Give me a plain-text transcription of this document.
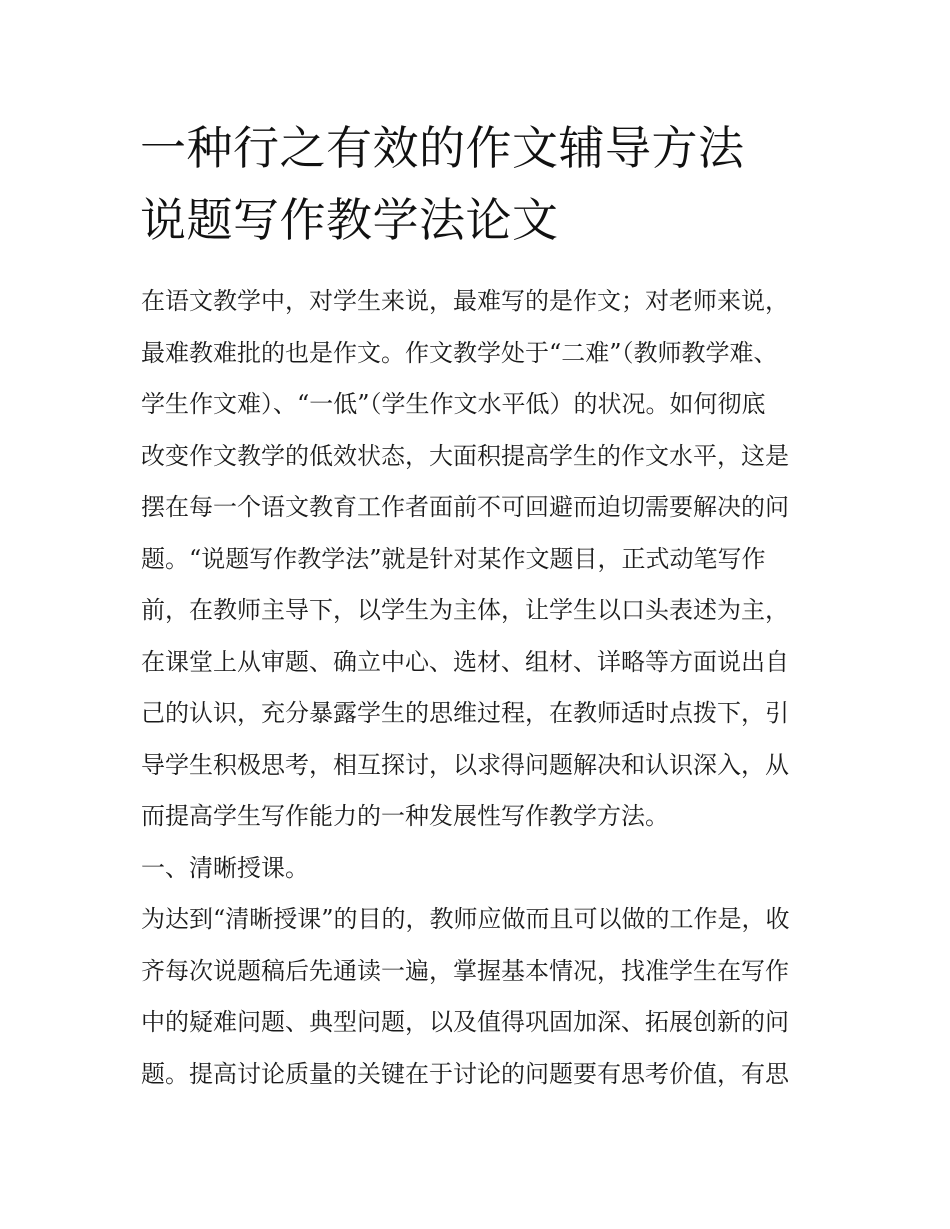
一种行之有效的作文辅导方法
说题写作教学法论文
在语文教学中，对学生来说，最难写的是作文；对老师来说，
最难教难批的也是作文。作文教学处于“二难”（教师教学难、
学生作文难）、“一低”（学生作文水平低）的状况。如何彻底
改变作文教学的低效状态，大面积提高学生的作文水平，这是
摆在每一个语文教育工作者面前不可回避而迫切需要解决的问
题。“说题写作教学法”就是针对某作文题目，正式动笔写作
前，在教师主导下，以学生为主体，让学生以口头表述为主，
在课堂上从审题、确立中心、选材、组材、详略等方面说出自
己的认识，充分暴露学生的思维过程，在教师适时点拨下，引
导学生积极思考，相互探讨，以求得问题解决和认识深入，从
而提高学生写作能力的一种发展性写作教学方法。
一、清晰授课。
为达到“清晰授课”的目的，教师应做而且可以做的工作是，收
齐每次说题稿后先通读一遍，掌握基本情况，找准学生在写作
中的疑难问题、典型问题，以及值得巩固加深、拓展创新的问
题。提高讨论质量的关键在于讨论的问题要有思考价值，有思
